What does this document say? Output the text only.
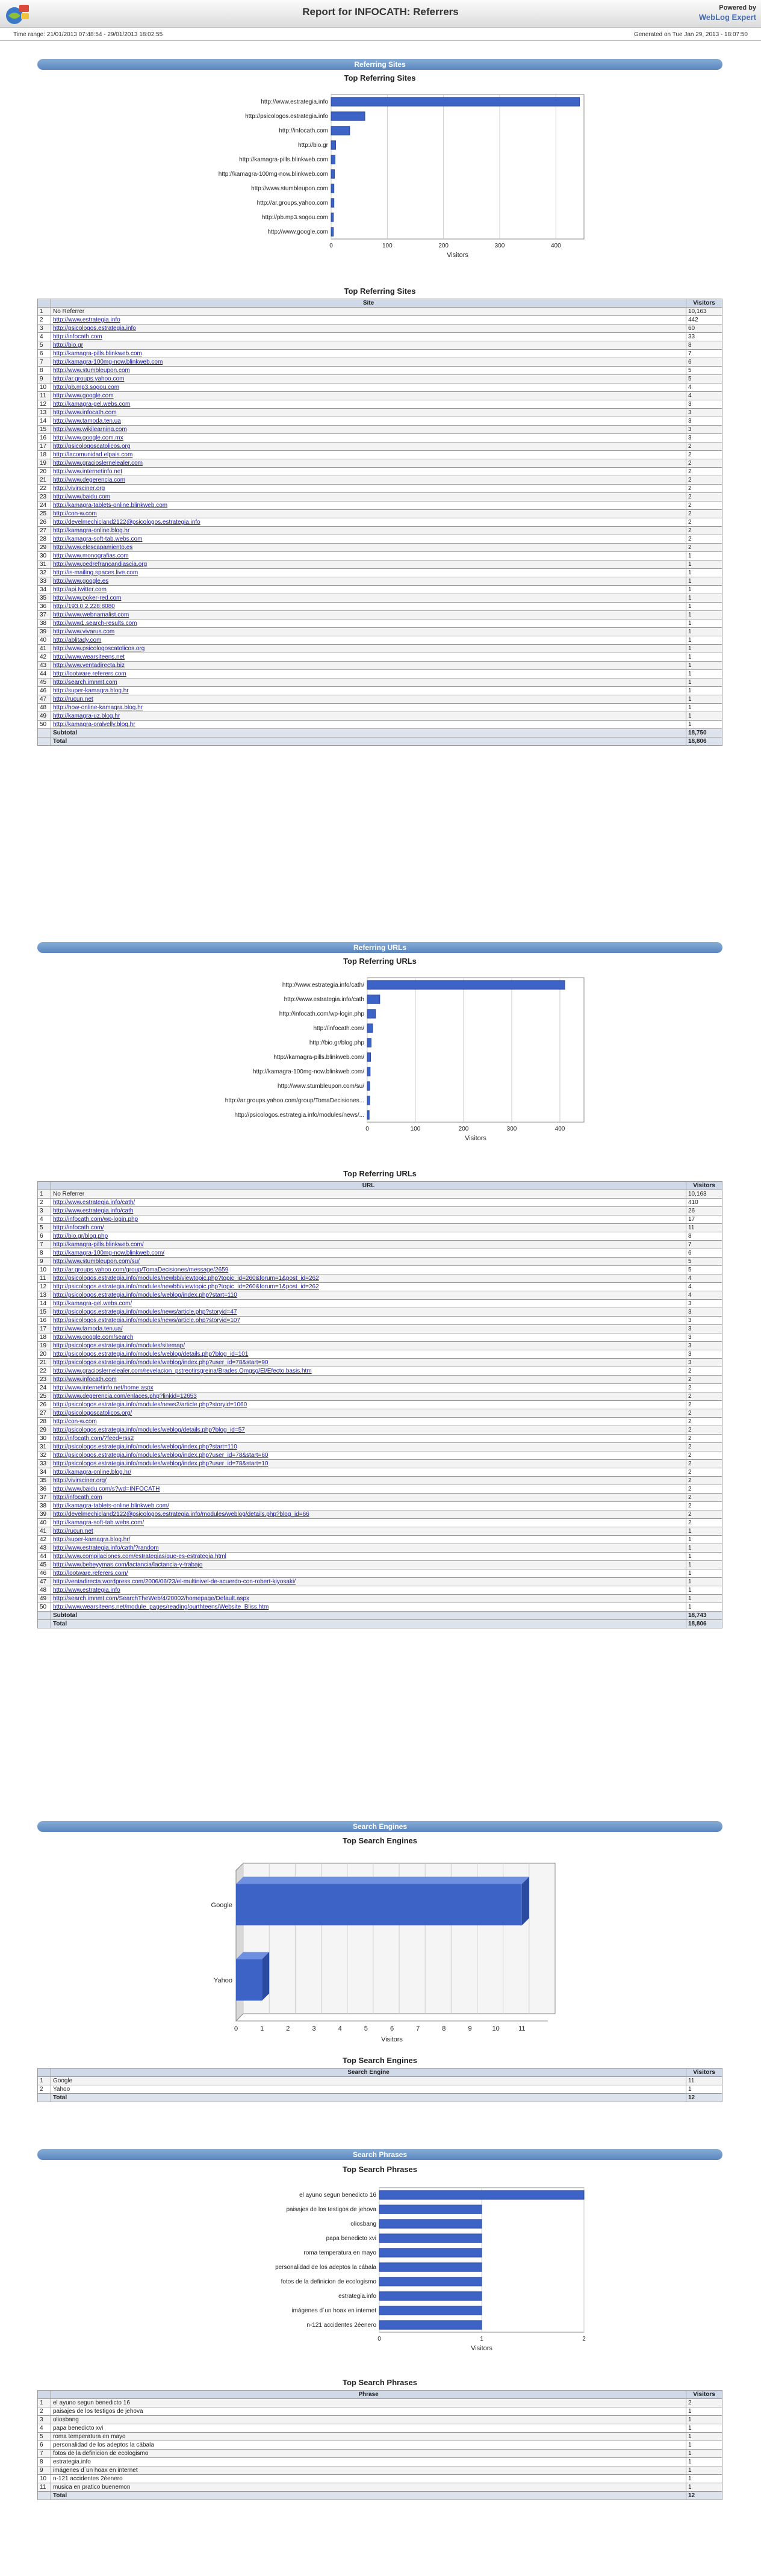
Report for INFOCATH: Referrers	Powered by
WebLog Expert
Time range: 21/01/2013 07:48:54 - 29/01/2013 18:02:55	Generated on Tue Jan 29, 2013 - 18:07:50
Referring Sites
Top Referring Sites
0	100	200	300	400
http://www.estrategia.info
http://psicologos.estrategia.info
http://infocath.com
http://bio.gr
http://kamagra-pills.blinkweb.com
http://kamagra-100mg-now.blinkweb.com
http://www.stumbleupon.com
http://ar.groups.yahoo.com
http://pb.mp3.sogou.com
http://www.google.com
Visitors
Top Referring Sites
	Site	Visitors
1	No Referrer	10,163
2	http://www.estrategia.info	442
3	http://psicologos.estrategia.info	60
4	http://infocath.com	33
5	http://bio.gr	8
6	http://kamagra-pills.blinkweb.com	7
7	http://kamagra-100mg-now.blinkweb.com	6
8	http://www.stumbleupon.com	5
9	http://ar.groups.yahoo.com	5
10	http://pb.mp3.sogou.com	4
11	http://www.google.com	4
12	http://kamagra-gel.webs.com	3
13	http://www.infocath.com	3
14	http://www.tamoda.ten.ua	3
15	http://www.wikilearning.com	3
16	http://www.google.com.mx	3
17	http://psicologoscatolicos.org	2
18	http://lacomunidad.elpais.com	2
19	http://www.gracioslernelealer.com	2
20	http://www.internetinfo.net	2
21	http://www.degerencia.com	2
22	http://vivirsciner.org	2
23	http://www.baidu.com	2
24	http://kamagra-tablets-online.blinkweb.com	2
25	http://con-w.com	2
26	http://develmechicland2122@psicologos.estrategia.info	2
27	http://kamagra-online.blog.hr	2
28	http://kamagra-soft-tab.webs.com	2
29	http://www.elescapamiento.es	2
30	http://www.monografias.com	1
31	http://www.pedrefrancandiascia.org	1
32	http://is-mailing.spaces.live.com	1
33	http://www.google.es	1
34	http://api.twitter.com	1
35	http://www.poker-red.com	1
36	http://193.0.2.228:8080	1
37	http://www.webnamalist.com	1
38	http://www1.search-results.com	1
39	http://www.vivarus.com	1
40	http://ablitady.com	1
41	http://www.psicologoscatolicos.org	1
42	http://www.wearsiteens.net	1
43	http://www.ventadirecta.biz	1
44	http://lootware.referers.com	1
45	http://search.imnmt.com	1
46	http://super-kamagra.blog.hr	1
47	http://rucun.net	1
48	http://how-online-kamagra.blog.hr	1
49	http://kamagra-uz.blog.hr	1
50	http://kamagra-oralvelly.blog.hr	1
	Subtotal	18,750
	Total	18,806
Referring URLs
Top Referring URLs
0	100	200	300	400
http://www.estrategia.info/cath/
http://www.estrategia.info/cath
http://infocath.com/wp-login.php
http://infocath.com/
http://bio.gr/blog.php
http://kamagra-pills.blinkweb.com/
http://kamagra-100mg-now.blinkweb.com/
http://www.stumbleupon.com/su/
http://ar.groups.yahoo.com/group/TomaDecisiones...
http://psicologos.estrategia.info/modules/news/...
Visitors
Top Referring URLs
	URL	Visitors
1	No Referrer	10,163
2	http://www.estrategia.info/cath/	410
3	http://www.estrategia.info/cath	26
4	http://infocath.com/wp-login.php	17
5	http://infocath.com/	11
6	http://bio.gr/blog.php	8
7	http://kamagra-pills.blinkweb.com/	7
8	http://kamagra-100mg-now.blinkweb.com/	6
9	http://www.stumbleupon.com/su/	5
10	http://ar.groups.yahoo.com/group/TomaDecisiones/message/2659	5
11	http://psicologos.estrategia.info/modules/newbb/viewtopic.php?topic_id=260&forum=1&post_id=262	4
12	http://psicologos.estrategia.info/modules/newbb/viewtopic.php?topic_id=260&forum=1&post_id=262	4
13	http://psicologos.estrategia.info/modules/weblog/index.php?start=110	4
14	http://kamagra-gel.webs.com/	3
15	http://psicologos.estrategia.info/modules/news/article.php?storyid=47	3
16	http://psicologos.estrategia.info/modules/news/article.php?storyid=107	3
17	http://www.tamoda.ten.ua/	3
18	http://www.google.com/search	3
19	http://psicologos.estrategia.info/modules/sitemap/	3
20	http://psicologos.estrategia.info/modules/weblog/details.php?blog_id=101	3
21	http://psicologos.estrategia.info/modules/weblog/index.php?user_id=78&start=90	3
22	http://www.gracioslernelealer.com/revelacion_pstreotirsgreina/Brades.Omgsg/El/Efecto.basis.htm	2
23	http://www.infocath.com	2
24	http://www.internetinfo.net/home.aspx	2
25	http://www.degerencia.com/enlaces.php?linkid=12653	2
26	http://psicologos.estrategia.info/modules/news2/article.php?storyid=1060	2
27	http://psicologoscatolicos.org/	2
28	http://con-w.com	2
29	http://psicologos.estrategia.info/modules/weblog/details.php?blog_id=57	2
30	http://infocath.com/?feed=rss2	2
31	http://psicologos.estrategia.info/modules/weblog/index.php?start=110	2
32	http://psicologos.estrategia.info/modules/weblog/index.php?user_id=78&start=60	2
33	http://psicologos.estrategia.info/modules/weblog/index.php?user_id=78&start=10	2
34	http://kamagra-online.blog.hr/	2
35	http://vivirsciner.org/	2
36	http://www.baidu.com/s?wd=INFOCATH	2
37	http://infocath.com	2
38	http://kamagra-tablets-online.blinkweb.com/	2
39	http://develmechicland2122@psicologos.estrategia.info/modules/weblog/details.php?blog_id=66	2
40	http://kamagra-soft-tab.webs.com/	2
41	http://rucun.net	1
42	http://super-kamagra.blog.hr/	1
43	http://www.estrategia.info/cath/?random	1
44	http://www.compilaciones.com/estrategias/que-es-estrategia.html	1
45	http://www.bebeyymas.com/lactancia/lactancia-y-trabajo	1
46	http://lootware.referers.com/	1
47	http://ventadirecta.wordpress.com/2006/06/23/el-multinivel-de-acuerdo-con-robert-kiyosaki/	1
48	http://www.estrategia.info	1
49	http://search.imnmt.com/SearchTheWeb/4/20002/homepage/Default.aspx	1
50	http://www.wearsiteens.net/module_pages/reading/ourthteens/Website_Bliss.htm	1
	Subtotal	18,743
	Total	18,806
Search Engines
Top Search Engines
0	1	2	3	4	5	6	7	8	9	10	11
Google
Yahoo
Visitors
Top Search Engines
	Search Engine	Visitors
1	Google	11
2	Yahoo	1
	Total	12
Search Phrases
Top Search Phrases
0	1	2
el ayuno segun benedicto 16
paisajes de los testigos de jehova
oliosbang
papa benedicto xvi
roma temperatura en mayo
personalidad de los adeptos la cábala
fotos de la definicion de ecologismo
estrategia.info
imágenes d´un hoax en internet
n-121 accidentes 2éenero
Visitors
Top Search Phrases
	Phrase	Visitors
1	el ayuno segun benedicto 16	2
2	paisajes de los testigos de jehova	1
3	oliosbang	1
4	papa benedicto xvi	1
5	roma temperatura en mayo	1
6	personalidad de los adeptos la cábala	1
7	fotos de la definicion de ecologismo	1
8	estrategia.info	1
9	imágenes d´un hoax en internet	1
10	n-121 accidentes 2éenero	1
11	musica en pratico buenemon	1
	Total	12
